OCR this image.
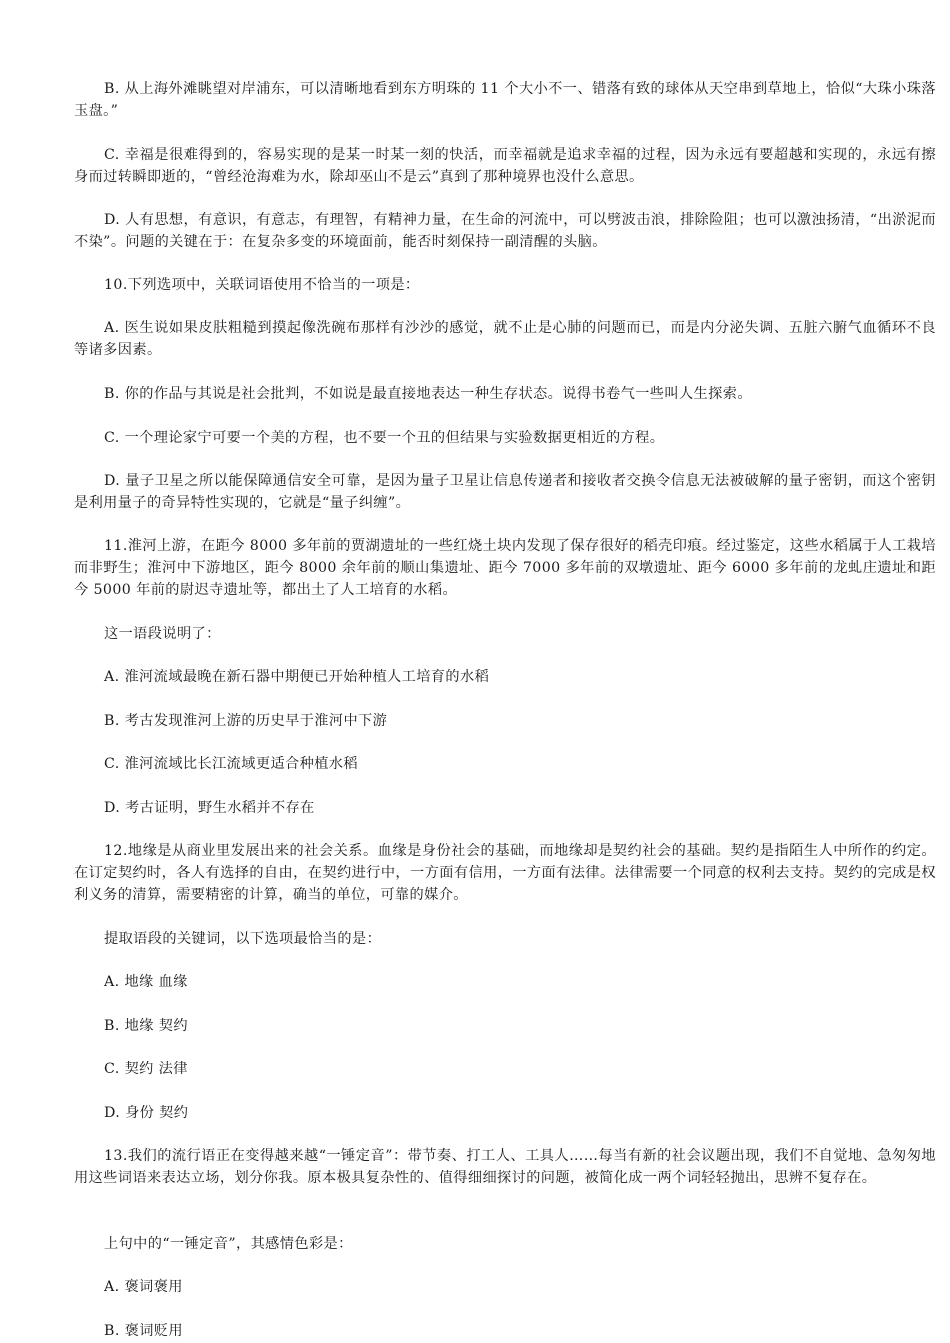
B. 从上海外滩眺望对岸浦东，可以清晰地看到东方明珠的 11 个大小不一、错落有致的球体从天空串到草地上，恰似“大珠小珠落玉盘。”

C. 幸福是很难得到的，容易实现的是某一时某一刻的快活，而幸福就是追求幸福的过程，因为永远有要超越和实现的，永远有擦身而过转瞬即逝的，“曾经沧海难为水，除却巫山不是云”真到了那种境界也没什么意思。

D. 人有思想，有意识，有意志，有理智，有精神力量，在生命的河流中，可以劈波击浪，排除险阻；也可以激浊扬清，“出淤泥而不染”。问题的关键在于：在复杂多变的环境面前，能否时刻保持一副清醒的头脑。

10.下列选项中，关联词语使用不恰当的一项是：

A. 医生说如果皮肤粗糙到摸起像洗碗布那样有沙沙的感觉，就不止是心肺的问题而已，而是内分泌失调、五脏六腑气血循环不良等诸多因素。

B. 你的作品与其说是社会批判，不如说是最直接地表达一种生存状态。说得书卷气一些叫人生探索。

C. 一个理论家宁可要一个美的方程，也不要一个丑的但结果与实验数据更相近的方程。

D. 量子卫星之所以能保障通信安全可靠，是因为量子卫星让信息传递者和接收者交换令信息无法被破解的量子密钥，而这个密钥是利用量子的奇异特性实现的，它就是“量子纠缠”。

11.淮河上游，在距今 8000 多年前的贾湖遗址的一些红烧土块内发现了保存很好的稻壳印痕。经过鉴定，这些水稻属于人工栽培而非野生；淮河中下游地区，距今 8000 余年前的顺山集遗址、距今 7000 多年前的双墩遗址、距今 6000 多年前的龙虬庄遗址和距今 5000 年前的尉迟寺遗址等，都出土了人工培育的水稻。

这一语段说明了：

A. 淮河流域最晚在新石器中期便已开始种植人工培育的水稻

B. 考古发现淮河上游的历史早于淮河中下游

C. 淮河流域比长江流域更适合种植水稻

D. 考古证明，野生水稻并不存在

12.地缘是从商业里发展出来的社会关系。血缘是身份社会的基础，而地缘却是契约社会的基础。契约是指陌生人中所作的约定。在订定契约时，各人有选择的自由，在契约进行中，一方面有信用，一方面有法律。法律需要一个同意的权利去支持。契约的完成是权利义务的清算，需要精密的计算，确当的单位，可靠的媒介。

提取语段的关键词，以下选项最恰当的是：

A. 地缘 血缘

B. 地缘 契约

C. 契约 法律

D. 身份 契约

13.我们的流行语正在变得越来越“一锤定音”：带节奏、打工人、工具人……每当有新的社会议题出现，我们不自觉地、急匆匆地用这些词语来表达立场，划分你我。原本极具复杂性的、值得细细探讨的问题，被简化成一两个词轻轻抛出，思辨不复存在。

上句中的“一锤定音”，其感情色彩是：

A. 褒词褒用

B. 褒词贬用
